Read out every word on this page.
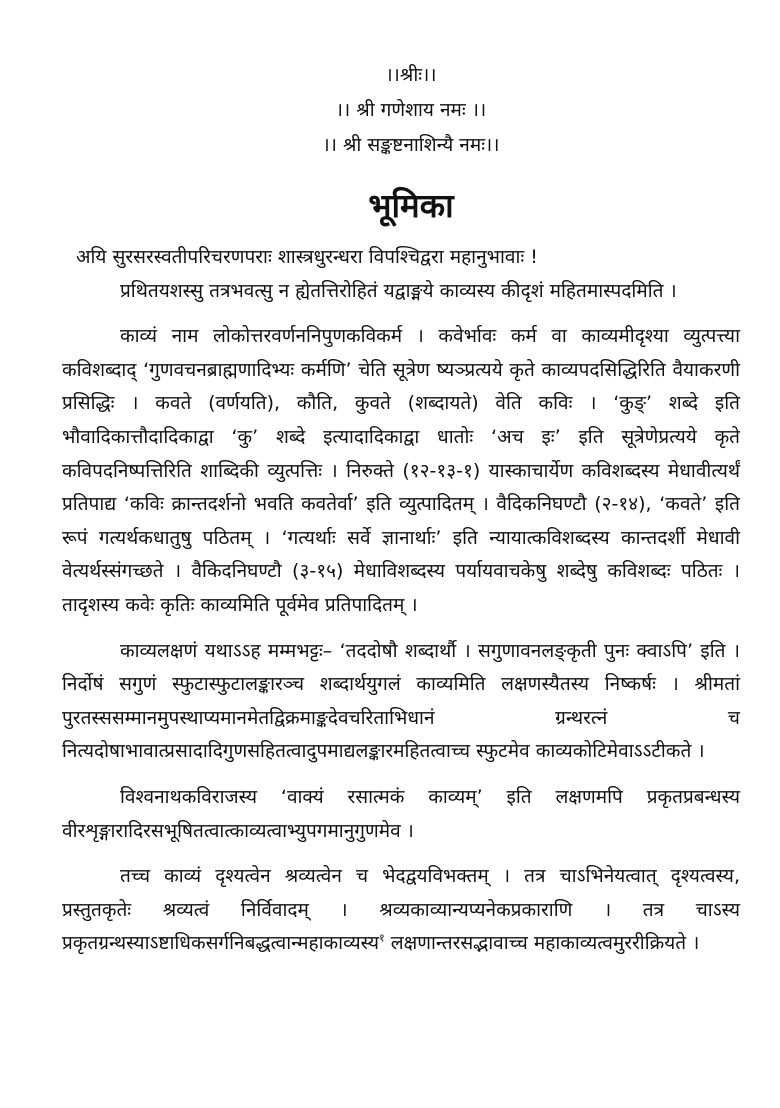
।।श्रीः।।
।। श्री गणेशाय नमः ।।
।। श्री सङ्कष्टनाशिन्यै नमः।।
भूमिका

अयि सुरसरस्वतीपरिचरणपराः शास्त्रधुरन्धरा विपश्चिद्वरा महानुभावाः !

प्रथितयशस्सु तत्रभवत्सु न ह्येतत्तिरोहितं यद्वाङ्मये काव्यस्य कीदृशं महितमास्पदमिति ।

काव्यं नाम लोकोत्तरवर्णननिपुणकविकर्म । कवेर्भावः कर्म वा काव्यमीदृश्या व्युत्पत्त्या कविशब्दाद् ‘गुणवचनब्राह्मणादिभ्यः कर्मणि’ चेति सूत्रेण ष्यञ्प्रत्यये कृते काव्यपदसिद्धिरिति वैयाकरणी प्रसिद्धिः । कवते (वर्णयति), कौति, कुवते (शब्दायते) वेति कविः । ‘कुङ्’ शब्दे इति भौवादिकात्तौदादिकाद्वा ‘कु’ शब्दे इत्यादादिकाद्वा धातोः ‘अच इः’ इति सूत्रेणेप्रत्यये कृते कविपदनिष्पत्तिरिति शाब्दिकी व्युत्पत्तिः । निरुक्ते (१२-१३-१) यास्काचार्येण कविशब्दस्य मेधावीत्यर्थं प्रतिपाद्य ‘कविः क्रान्तदर्शनो भवति कवतेर्वा’ इति व्युत्पादितम् । वैदिकनिघण्टौ (२-१४), ‘कवते’ इति रूपं गत्यर्थकधातुषु पठितम् । ‘गत्यर्थाः सर्वे ज्ञानार्थाः’ इति न्यायात्कविशब्दस्य कान्तदर्शी मेधावी वेत्यर्थस्संगच्छते । वैकिदनिघण्टौ (३-१५) मेधाविशब्दस्य पर्यायवाचकेषु शब्देषु कविशब्दः पठितः । तादृशस्य कवेः कृतिः काव्यमिति पूर्वमेव प्रतिपादितम् ।

काव्यलक्षणं यथाऽऽह मम्मभट्टः– ‘तददोषौ शब्दार्थौ । सगुणावनलङ्कृती पुनः क्वाऽपि’ इति । निर्दोषं सगुणं स्फुटास्फुटालङ्कारञ्च शब्दार्थयुगलं काव्यमिति लक्षणस्यैतस्य निष्कर्षः । श्रीमतां पुरतस्ससम्मानमुपस्थाप्यमानमेतद्विक्रमाङ्कदेवचरिताभिधानं ग्रन्थरत्नं च नित्यदोषाभावात्प्रसादादिगुणसहितत्वादुपमाद्यलङ्कारमहितत्वाच्च स्फुटमेव काव्यकोटिमेवाऽऽटीकते ।

विश्वनाथकविराजस्य ‘वाक्यं रसात्मकं काव्यम्’ इति लक्षणमपि प्रकृतप्रबन्धस्य वीरशृङ्गारादिरसभूषितत्वात्काव्यत्वाभ्युपगमानुगुणमेव ।

तच्च काव्यं दृश्यत्वेन श्रव्यत्वेन च भेदद्वयविभक्तम् । तत्र चाऽभिनेयत्वात् दृश्यत्वस्य, प्रस्तुतकृतेः श्रव्यत्वं निर्विवादम् । श्रव्यकाव्यान्यप्यनेकप्रकाराणि । तत्र चाऽस्य प्रकृतग्रन्थस्याऽष्टाधिकसर्गनिबद्धत्वान्महाकाव्यस्य$^१$ लक्षणान्तरसद्भावाच्च महाकाव्यत्वमुररीक्रियते ।
